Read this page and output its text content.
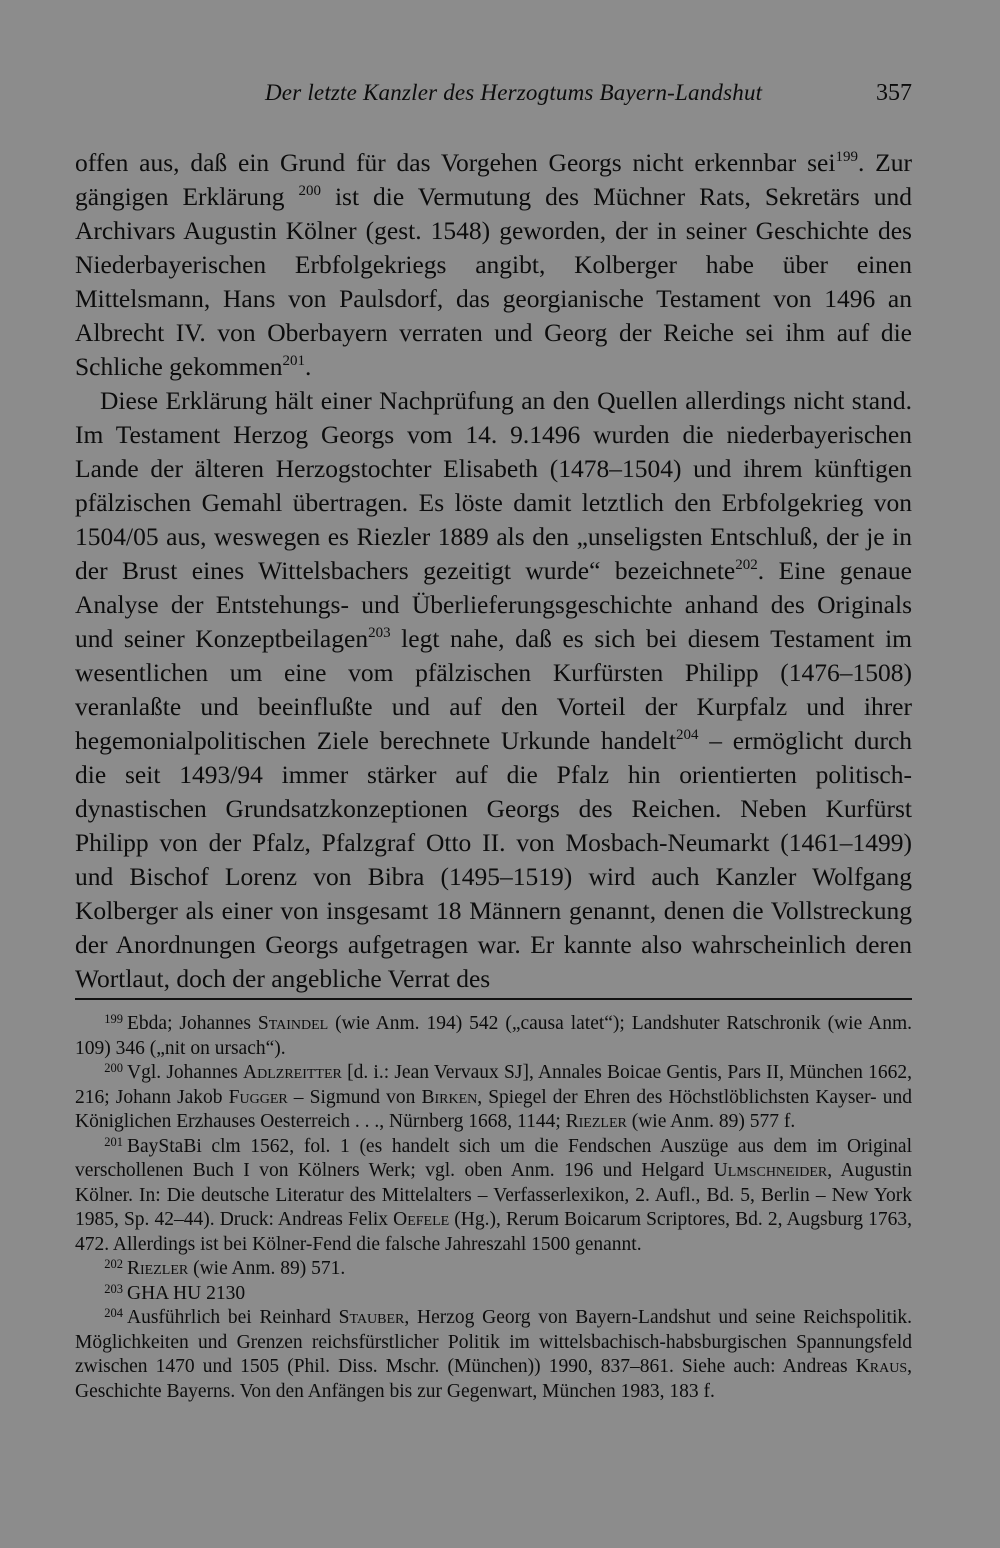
Der letzte Kanzler des Herzogtums Bayern-Landshut	357

offen aus, daß ein Grund für das Vorgehen Georgs nicht erkennbar sei$^{199}$. Zur gängigen Erklärung $^{200}$ ist die Vermutung des Müchner Rats, Sekretärs und Archivars Augustin Kölner (gest. 1548) geworden, der in seiner Geschichte des Niederbayerischen Erbfolgekriegs angibt, Kolberger habe über einen Mittelsmann, Hans von Paulsdorf, das georgianische Testament von 1496 an Albrecht IV. von Oberbayern verraten und Georg der Reiche sei ihm auf die Schliche gekommen$^{201}$.

Diese Erklärung hält einer Nachprüfung an den Quellen allerdings nicht stand. Im Testament Herzog Georgs vom 14. 9.1496 wurden die niederbayerischen Lande der älteren Herzogstochter Elisabeth (1478–1504) und ihrem künftigen pfälzischen Gemahl übertragen. Es löste damit letztlich den Erbfolgekrieg von 1504/05 aus, weswegen es Riezler 1889 als den „unseligsten Entschluß, der je in der Brust eines Wittelsbachers gezeitigt wurde“ bezeichnete$^{202}$. Eine genaue Analyse der Entstehungs- und Überlieferungsgeschichte anhand des Originals und seiner Konzeptbeilagen$^{203}$ legt nahe, daß es sich bei diesem Testament im wesentlichen um eine vom pfälzischen Kurfürsten Philipp (1476–1508) veranlaßte und beeinflußte und auf den Vorteil der Kurpfalz und ihrer hegemonialpolitischen Ziele berechnete Urkunde handelt$^{204}$ – ermöglicht durch die seit 1493/94 immer stärker auf die Pfalz hin orientierten politisch-dynastischen Grundsatzkonzeptionen Georgs des Reichen. Neben Kurfürst Philipp von der Pfalz, Pfalzgraf Otto II. von Mosbach-Neumarkt (1461–1499) und Bischof Lorenz von Bibra (1495–1519) wird auch Kanzler Wolfgang Kolberger als einer von insgesamt 18 Männern genannt, denen die Vollstreckung der Anordnungen Georgs aufgetragen war. Er kannte also wahrscheinlich deren Wortlaut, doch der angebliche Verrat des

199 Ebda; Johannes Staindel (wie Anm. 194) 542 („causa latet“); Landshuter Ratschronik (wie Anm. 109) 346 („nit on ursach“).

200 Vgl. Johannes Adlzreitter [d. i.: Jean Vervaux SJ], Annales Boicae Gentis, Pars II, München 1662, 216; Johann Jakob Fugger – Sigmund von Birken, Spiegel der Ehren des Höchstlöblichsten Kayser- und Königlichen Erzhauses Oesterreich . . ., Nürnberg 1668, 1144; Riezler (wie Anm. 89) 577 f.

201 BayStaBi clm 1562, fol. 1 (es handelt sich um die Fendschen Auszüge aus dem im Original verschollenen Buch I von Kölners Werk; vgl. oben Anm. 196 und Helgard Ulmschneider, Augustin Kölner. In: Die deutsche Literatur des Mittelalters – Verfasserlexikon, 2. Aufl., Bd. 5, Berlin – New York 1985, Sp. 42–44). Druck: Andreas Felix Oefele (Hg.), Rerum Boicarum Scriptores, Bd. 2, Augsburg 1763, 472. Allerdings ist bei Kölner-Fend die falsche Jahreszahl 1500 genannt.

202 Riezler (wie Anm. 89) 571.

203 GHA HU 2130

204 Ausführlich bei Reinhard Stauber, Herzog Georg von Bayern-Landshut und seine Reichspolitik. Möglichkeiten und Grenzen reichsfürstlicher Politik im wittelsbachisch-habsburgischen Spannungsfeld zwischen 1470 und 1505 (Phil. Diss. Mschr. (München)) 1990, 837–861. Siehe auch: Andreas Kraus, Geschichte Bayerns. Von den Anfängen bis zur Gegenwart, München 1983, 183 f.
